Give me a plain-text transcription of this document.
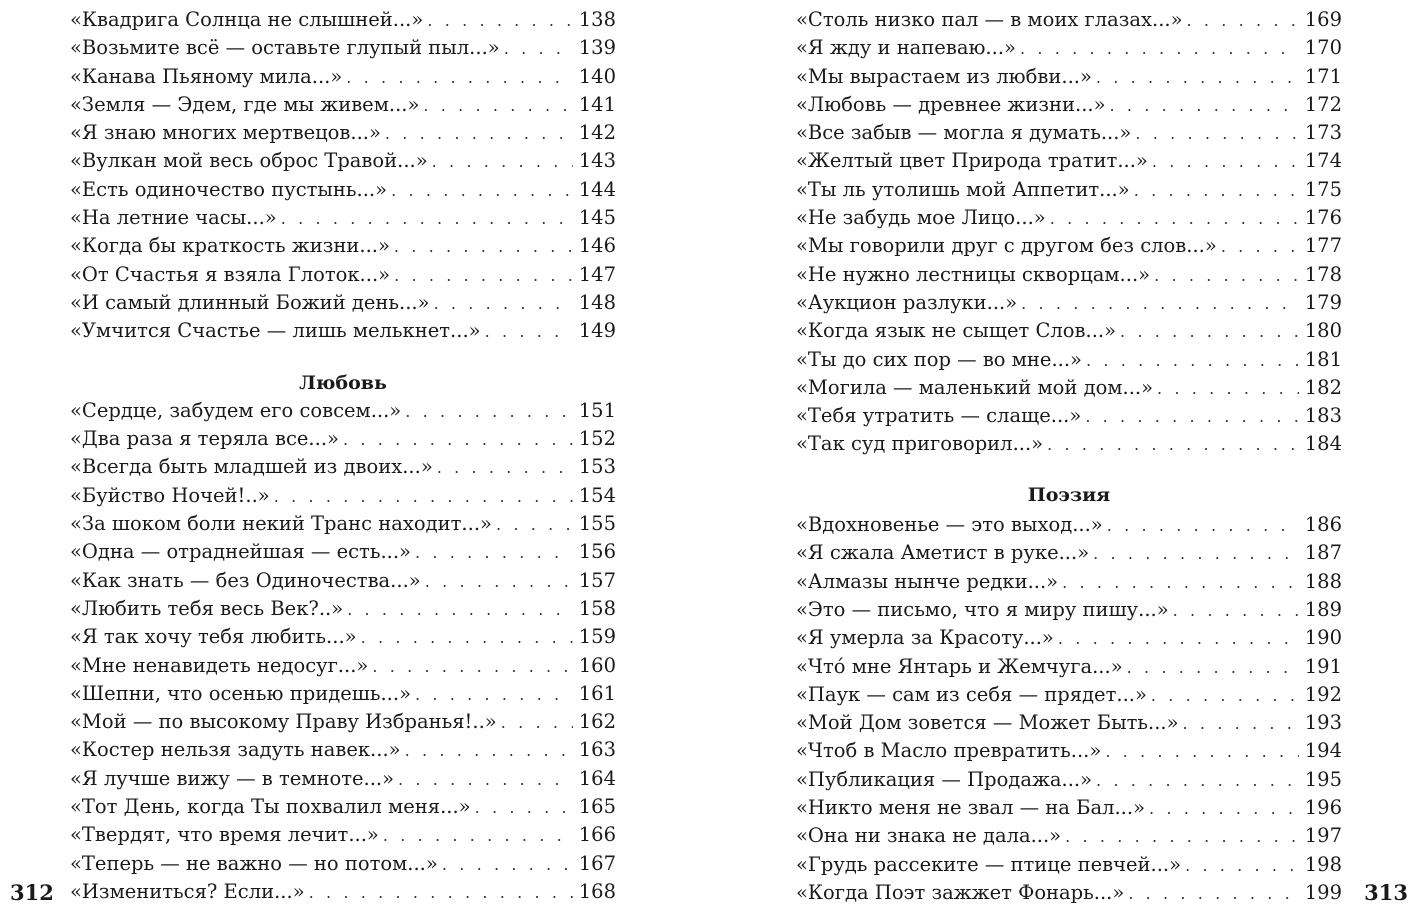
«Квадрига Солнца не слышней...» . . .	138
«Возьмите всё — оставьте глупый пыл...» . . .	139
«Канава Пьяному мила...» . . .	140
«Земля — Эдем, где мы живем...» . . .	141
«Я знаю многих мертвецов...» . . .	142
«Вулкан мой весь оброс Травой...» . . .	143
«Есть одиночество пустынь...» . . .	144
«На летние часы...» . . .	145
«Когда бы краткость жизни...» . . .	146
«От Счастья я взяла Глоток...» . . .	147
«И самый длинный Божий день...» . . .	148
«Умчится Счастье — лишь мелькнет...» . . .	149
Любовь
«Сердце, забудем его совсем...» . . .	151
«Два раза я теряла все...» . . .	152
«Всегда быть младшей из двоих...» . . .	153
«Буйство Ночей!..» . . .	154
«За шоком боли некий Транс находит...» . . .	155
«Одна — отраднейшая — есть...» . . .	156
«Как знать — без Одиночества...» . . .	157
«Любить тебя весь Век?..» . . .	158
«Я так хочу тебя любить...» . . .	159
«Мне ненавидеть недосуг...» . . .	160
«Шепни, что осенью придешь...» . . .	161
«Мой — по высокому Праву Избранья!..» . . .	162
«Костер нельзя задуть навек...» . . .	163
«Я лучше вижу — в темноте...» . . .	164
«Тот День, когда Ты похвалил меня...» . . .	165
«Твердят, что время лечит...» . . .	166
«Теперь — не важно — но потом...» . . .	167
«Измениться? Если...» . . .	168
«Столь низко пал — в моих глазах...» . . .	169
«Я жду и напеваю...» . . .	170
«Мы вырастаем из любви...» . . .	171
«Любовь — древнее жизни...» . . .	172
«Все забыв — могла я думать...» . . .	173
«Желтый цвет Природа тратит...» . . .	174
«Ты ль утолишь мой Аппетит...» . . .	175
«Не забудь мое Лицо...» . . .	176
«Мы говорили друг с другом без слов...» . . .	177
«Не нужно лестницы скворцам...» . . .	178
«Аукцион разлуки...» . . .	179
«Когда язык не сыщет Слов...» . . .	180
«Ты до сих пор — во мне...» . . .	181
«Могила — маленький мой дом...» . . .	182
«Тебя утратить — слаще...» . . .	183
«Так суд приговорил...» . . .	184
Поэзия
«Вдохновенье — это выход...» . . .	186
«Я сжала Аметист в руке...» . . .	187
«Алмазы нынче редки...» . . .	188
«Это — письмо, что я миру пишу...» . . .	189
«Я умерла за Красоту...» . . .	190
«Что́ мне Янтарь и Жемчуга...» . . .	191
«Паук — сам из себя — прядет...» . . .	192
«Мой Дом зовется — Может Быть...» . . .	193
«Чтоб в Масло превратить...» . . .	194
«Публикация — Продажа...» . . .	195
«Никто меня не звал — на Бал...» . . .	196
«Она ни знака не дала...» . . .	197
«Грудь рассеките — птице певчей...» . . .	198
«Когда Поэт зажжет Фонарь...» . . .	199
312	313
